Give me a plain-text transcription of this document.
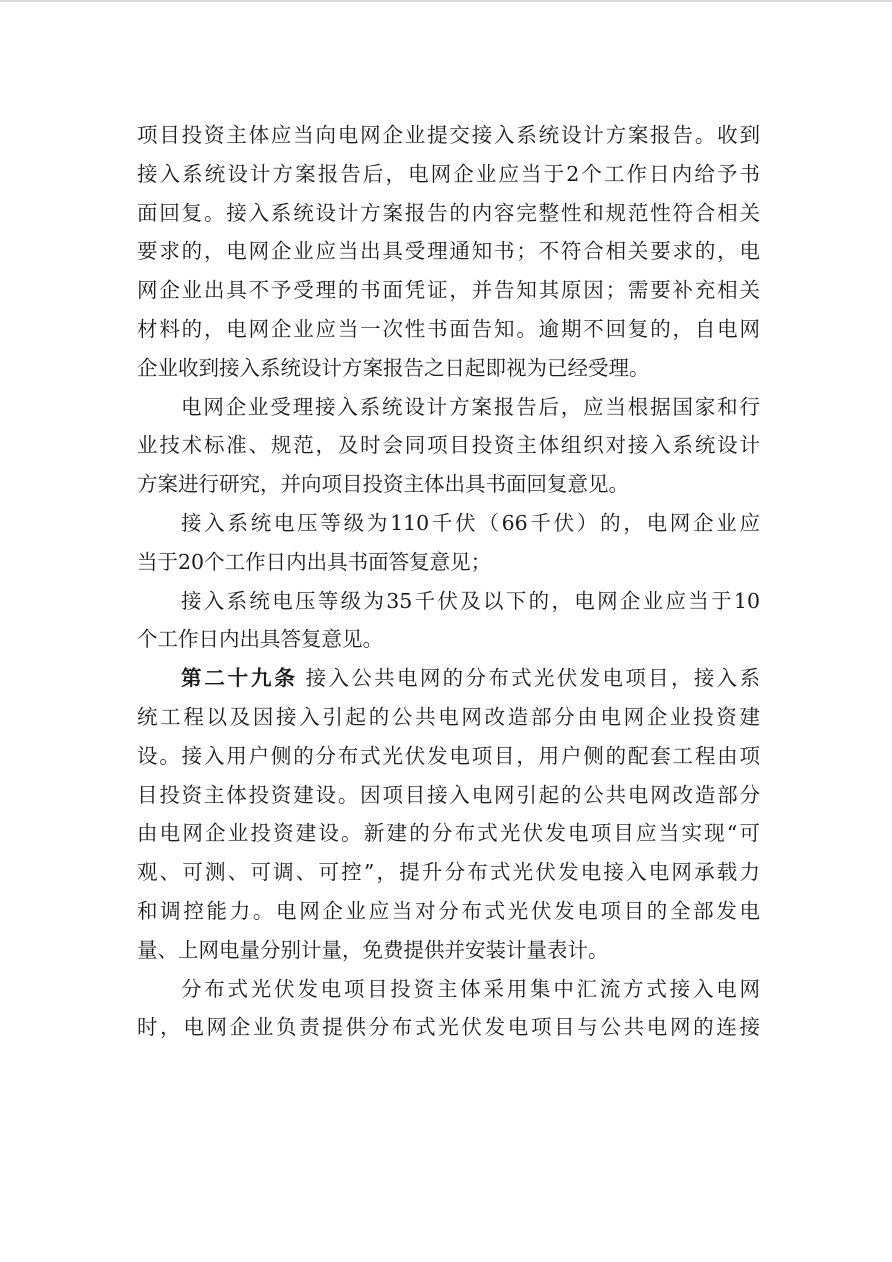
项目投资主体应当向电网企业提交接入系统设计方案报告。收到
接入系统设计方案报告后，电网企业应当于2个工作日内给予书
面回复。接入系统设计方案报告的内容完整性和规范性符合相关
要求的，电网企业应当出具受理通知书；不符合相关要求的，电
网企业出具不予受理的书面凭证，并告知其原因；需要补充相关
材料的，电网企业应当一次性书面告知。逾期不回复的，自电网
企业收到接入系统设计方案报告之日起即视为已经受理。
电网企业受理接入系统设计方案报告后，应当根据国家和行
业技术标准、规范，及时会同项目投资主体组织对接入系统设计
方案进行研究，并向项目投资主体出具书面回复意见。
接入系统电压等级为110千伏（66千伏）的，电网企业应
当于20个工作日内出具书面答复意见；
接入系统电压等级为35千伏及以下的，电网企业应当于10
个工作日内出具答复意见。
第二十九条 接入公共电网的分布式光伏发电项目，接入系
统工程以及因接入引起的公共电网改造部分由电网企业投资建
设。接入用户侧的分布式光伏发电项目，用户侧的配套工程由项
目投资主体投资建设。因项目接入电网引起的公共电网改造部分
由电网企业投资建设。新建的分布式光伏发电项目应当实现“可
观、可测、可调、可控”，提升分布式光伏发电接入电网承载力
和调控能力。电网企业应当对分布式光伏发电项目的全部发电
量、上网电量分别计量，免费提供并安装计量表计。
分布式光伏发电项目投资主体采用集中汇流方式接入电网
时，电网企业负责提供分布式光伏发电项目与公共电网的连接
